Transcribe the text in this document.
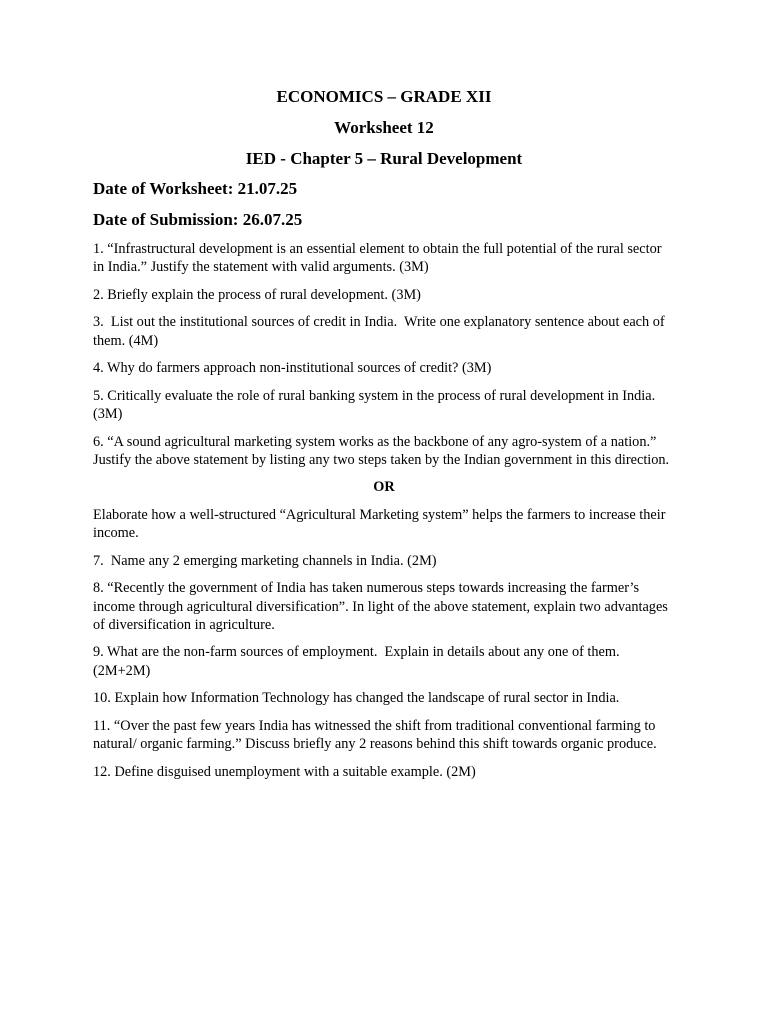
ECONOMICS – GRADE XII
Worksheet 12
IED - Chapter 5 – Rural Development
Date of Worksheet: 21.07.25
Date of Submission: 26.07.25

1. “Infrastructural development is an essential element to obtain the full potential of the rural sector in India.” Justify the statement with valid arguments. (3M)

2. Briefly explain the process of rural development. (3M)

3.  List out the institutional sources of credit in India.  Write one explanatory sentence about each of them. (4M)

4. Why do farmers approach non-institutional sources of credit? (3M)

5. Critically evaluate the role of rural banking system in the process of rural development in India. (3M)

6. “A sound agricultural marketing system works as the backbone of any agro-system of a nation.” Justify the above statement by listing any two steps taken by the Indian government in this direction.

OR

Elaborate how a well-structured “Agricultural Marketing system” helps the farmers to increase their income.

7.  Name any 2 emerging marketing channels in India. (2M)

8. “Recently the government of India has taken numerous steps towards increasing the farmer’s income through agricultural diversification”. In light of the above statement, explain two advantages of diversification in agriculture.

9. What are the non-farm sources of employment.  Explain in details about any one of them. (2M+2M)

10. Explain how Information Technology has changed the landscape of rural sector in India.

11. “Over the past few years India has witnessed the shift from traditional conventional farming to natural/ organic farming.” Discuss briefly any 2 reasons behind this shift towards organic produce.

12. Define disguised unemployment with a suitable example. (2M)
